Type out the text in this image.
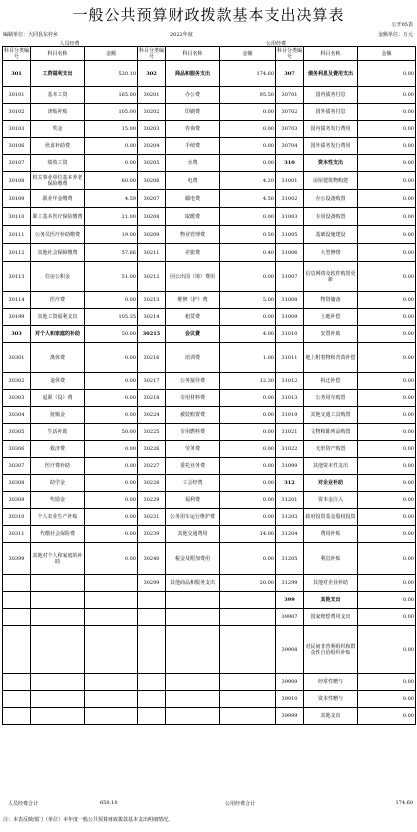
一般公共预算财政拨款基本支出决算表
公开05表
编制单位：大同县东村乡	2022年度	金额单位：万元
人员经费	公用经费
科目分类编号	科目名称	金额	科目分类编号	科目名称	金额	科目分类编号	科目名称	金额
301	工资福利支出	520.10	302	商品和服务支出	174.60	307	债务利息及费用支出	0.00
30101	基本工资	165.00	30201	办公费	95.50	30701	国内债务付息	0.00
30102	津贴补贴	105.00	30202	印刷费	0.00	30702	国外债务付息	0.00
30103	奖金	15.00	30203	咨询费	0.00	30703	国内债务发行费用	0.00
30106	伙食补助费	0.00	30204	手续费	0.00	30704	国外债务发行费用	0.00
30107	绩效工资	0.00	30205	水费	0.00	310	资本性支出	0.00
30108	机关事业单位基本养老保险缴费	60.00	30206	电费	4.20	31001	房屋建筑物购建	0.00
30109	职业年金缴费	4.59	30207	邮电费	4.50	31002	办公设备购置	0.00
30110	职工基本医疗保险缴费	21.00	30208	取暖费	0.00	31003	专用设备购置	0.00
30111	公务员医疗补助缴费	19.00	30209	物业管理费	0.50	31005	基础设施建设	0.00
30112	其他社会保障缴费	57.66	30211	差旅费	0.40	31006	大型修缮	0.00
30113	住房公积金	51.00	30212	因公出国（境）费用	0.00	31007	信息网络及软件购置更新	0.00
30114	医疗费	0.00	30213	维修（护）费	5.00	31008	物资储备	0.00
30199	其他工资福利支出	105.35	30214	租赁费	0.00	31009	土地补偿	0.00
303	对个人和家庭的补助	50.00	30215	会议费	4.00	31010	安置补助	0.00
30301	离休费	0.00	30216	培训费	1.00	31011	地上附着物和青苗补偿	0.00
30302	退休费	0.00	30217	公务接待费	12.30	31012	拆迁补偿	0.00
30303	退职（役）费	0.00	30218	专用材料费	0.00	31013	公务用车购置	0.00
30304	抚恤金	0.00	30224	被装购置费	0.00	31019	其他交通工具购置	0.00
30305	生活补助	50.00	30225	专用燃料费	0.00	31021	文物和陈列品购置	0.00
30306	救济费	0.00	30226	劳务费	0.00	31022	无形资产购置	0.00
30307	医疗费补助	0.00	30227	委托业务费	0.00	31099	其他资本性支出	0.00
30308	助学金	0.00	30228	工会经费	0.00	312	对企业补助	0.00
30309	奖励金	0.00	30229	福利费	0.00	31201	资本金注入	0.00
30310	个人农业生产补贴	0.00	30231	公务用车运行维护费	0.00	31203	政府投资基金股权投资	0.00
30311	代缴社会保险费	0.00	30239	其他交通费用	14.00	31204	费用补贴	0.00
30399	其他对个人和家庭的补助	0.00	30240	税金及附加费用	0.00	31205	利息补贴	0.00
			30299	其他商品和服务支出	20.00	31299	其他对企业补助	0.00
						399	其他支出	0.00
						39907	国家赔偿费用支出	0.00
						39908	对民间非营利组织和群众性自治组织补贴	0.00
						39909	经常性赠与	0.00
						39910	资本性赠与	0.00
						39999	其他支出	0.00
人员经费合计	650.10	公用经费合计	174.60
注：本表反映部门（单位）本年度一般公共预算财政拨款基本支出明细情况。
